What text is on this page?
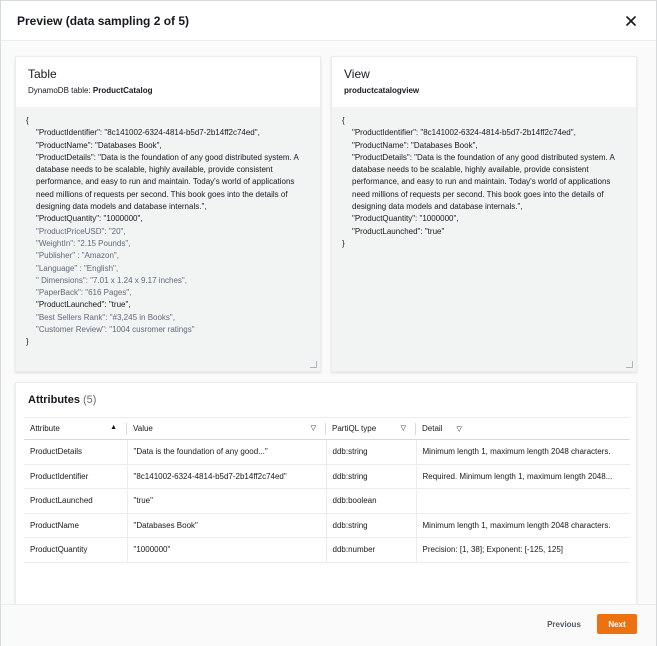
Preview (data sampling 2 of 5)
Table
DynamoDB table: ProductCatalog
{
"ProductIdentifier": "8c141002-6324-4814-b5d7-2b14ff2c74ed",
"ProductName": "Databases Book",
"ProductDetails": "Data is the foundation of any good distributed system. A database needs to be scalable, highly available, provide consistent performance, and easy to run and maintain. Today's world of applications need millions of requests per second. This book goes into the details of designing data models and database internals.",
"ProductQuantity": "1000000",
"ProductPriceUSD": "20",
"WeightIn": "2.15 Pounds",
"Publisher" : "Amazon",
"Language" : "English",
" Dimensions": "7.01 x 1.24 x 9.17 inches",
"PaperBack": "616 Pages",
"ProductLaunched": "true",
"Best Sellers Rank": "#3,245 in Books",
"Customer Review": "1004 cusromer ratings"
}
View
productcatalogview
{
"ProductIdentifier": "8c141002-6324-4814-b5d7-2b14ff2c74ed",
"ProductName": "Databases Book",
"ProductDetails": "Data is the foundation of any good distributed system. A database needs to be scalable, highly available, provide consistent performance, and easy to run and maintain. Today's world of applications need millions of requests per second. This book goes into the details of designing data models and database internals.",
"ProductQuantity": "1000000",
"ProductLaunched": "true"
}
Attributes (5)
Attribute ▲	Value ▽	PartiQL type ▽	Detail ▽
ProductDetails	"Data is the foundation of any good..."	ddb:string	Minimum length 1, maximum length 2048 characters.
ProductIdentifier	"8c141002-6324-4814-b5d7-2b14ff2c74ed"	ddb:string	Required. Minimum length 1, maximum length 2048...
ProductLaunched	"true"	ddb:boolean	
ProductName	"Databases Book"	ddb:string	Minimum length 1, maximum length 2048 characters.
ProductQuantity	"1000000"	ddb:number	Precision: [1, 38]; Exponent: [-125, 125]
Previous	Next
